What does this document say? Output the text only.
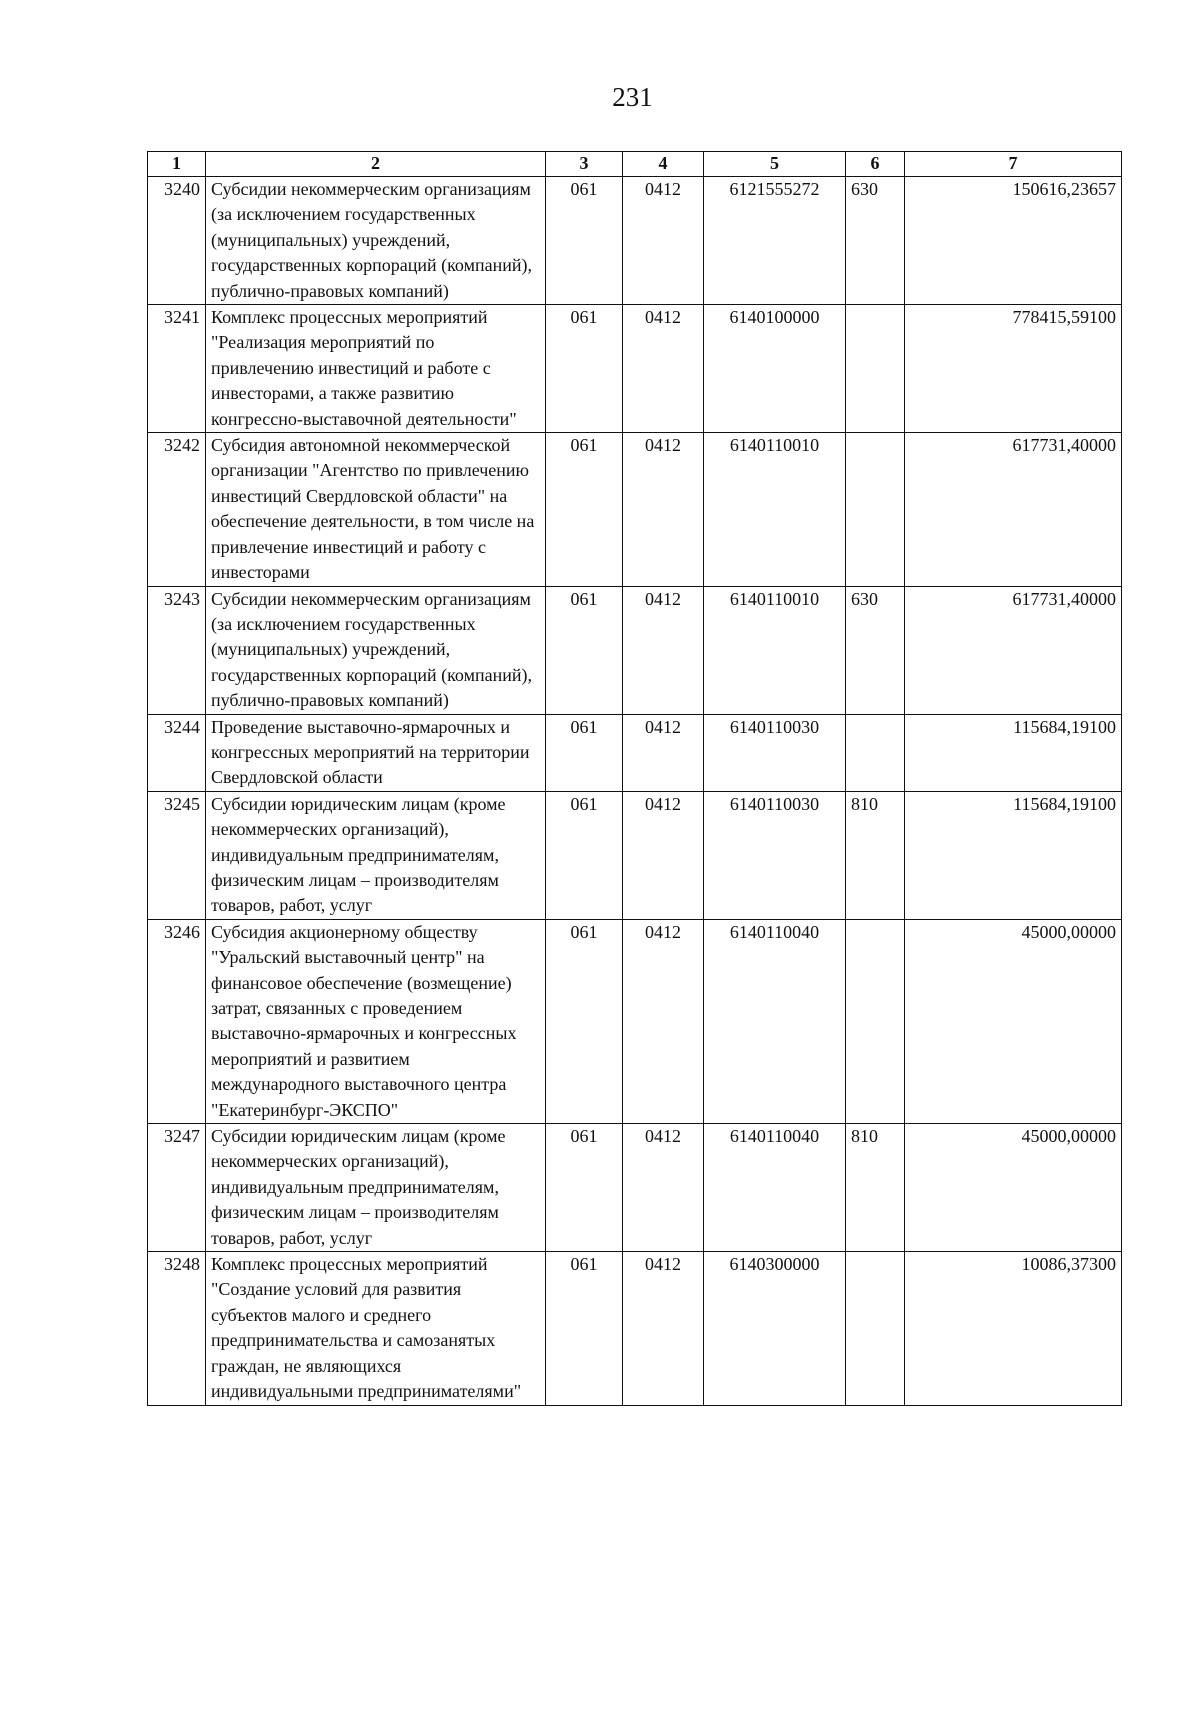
231
1	2	3	4	5	6	7
3240	Субсидии некоммерческим организациям (за исключением государственных (муниципальных) учреждений, государственных корпораций (компаний), публично-правовых компаний)	061	0412	6121555272	630	150616,23657
3241	Комплекс процессных мероприятий "Реализация мероприятий по привлечению инвестиций и работе с инвесторами, а также развитию конгрессно-выставочной деятельности"	061	0412	6140100000		778415,59100
3242	Субсидия автономной некоммерческой организации "Агентство по привлечению инвестиций Свердловской области" на обеспечение деятельности, в том числе на привлечение инвестиций и работу с инвесторами	061	0412	6140110010		617731,40000
3243	Субсидии некоммерческим организациям (за исключением государственных (муниципальных) учреждений, государственных корпораций (компаний), публично-правовых компаний)	061	0412	6140110010	630	617731,40000
3244	Проведение выставочно-ярмарочных и конгрессных мероприятий на территории Свердловской области	061	0412	6140110030		115684,19100
3245	Субсидии юридическим лицам (кроме некоммерческих организаций), индивидуальным предпринимателям, физическим лицам – производителям товаров, работ, услуг	061	0412	6140110030	810	115684,19100
3246	Субсидия акционерному обществу "Уральский выставочный центр" на финансовое обеспечение (возмещение) затрат, связанных с проведением выставочно-ярмарочных и конгрессных мероприятий и развитием международного выставочного центра "Екатеринбург-ЭКСПО"	061	0412	6140110040		45000,00000
3247	Субсидии юридическим лицам (кроме некоммерческих организаций), индивидуальным предпринимателям, физическим лицам – производителям товаров, работ, услуг	061	0412	6140110040	810	45000,00000
3248	Комплекс процессных мероприятий "Создание условий для развития субъектов малого и среднего предпринимательства и самозанятых граждан, не являющихся индивидуальными предпринимателями"	061	0412	6140300000		10086,37300
